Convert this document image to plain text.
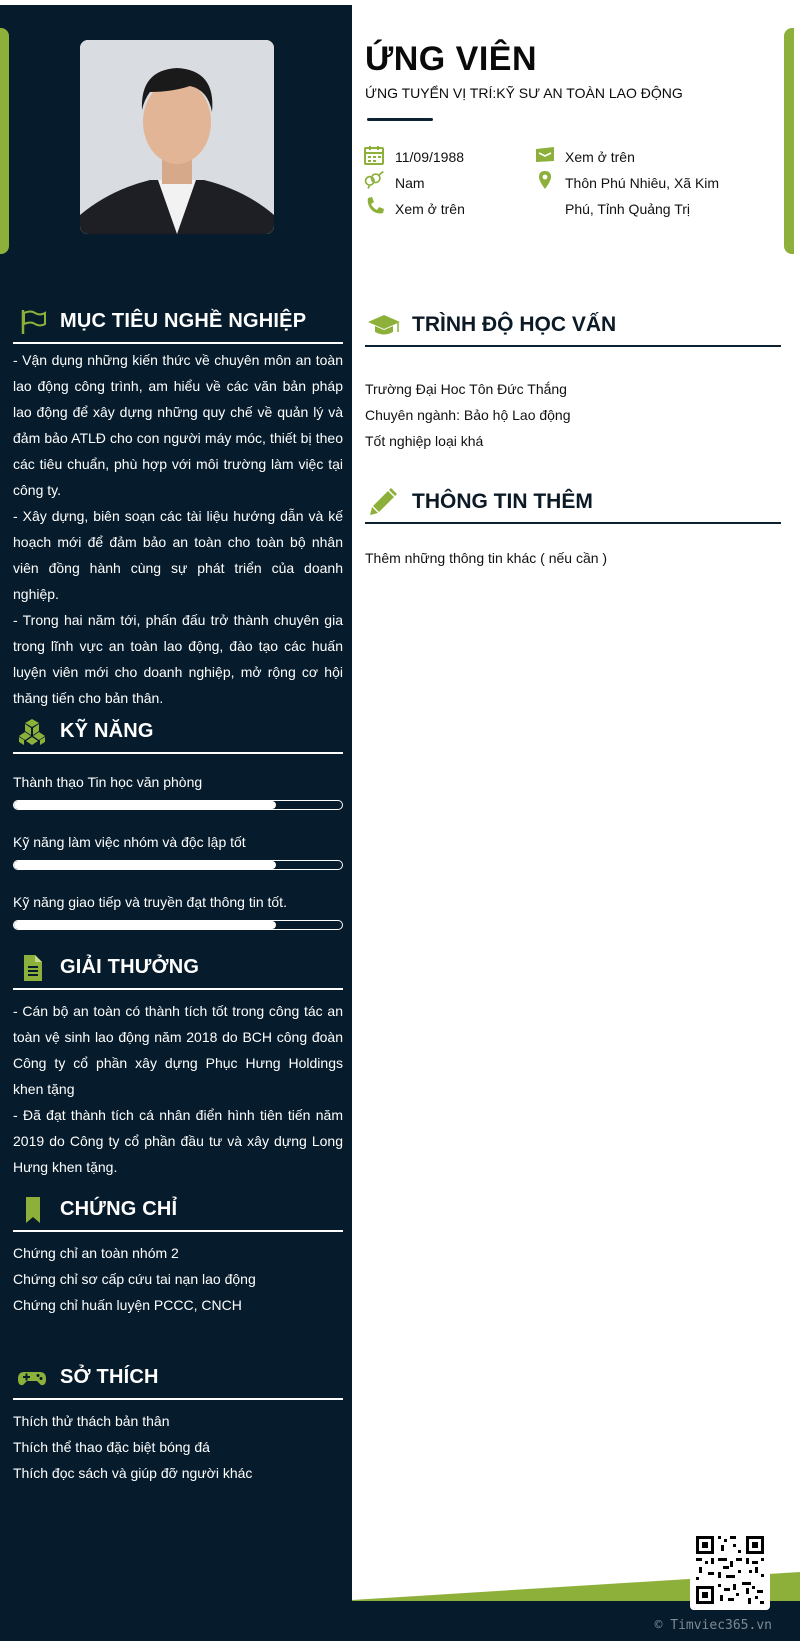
ỨNG VIÊN
ỨNG TUYỂN VỊ TRÍ:KỸ SƯ AN TOÀN LAO ĐỘNG
11/09/1988
Nam
Xem ở trên
Xem ở trên
Thôn Phú Nhiêu, Xã Kim
Phú, Tỉnh Quảng Trị
MỤC TIÊU NGHỀ NGHIỆP

- Vận dụng những kiến thức về chuyên môn an toàn lao động công trình, am hiểu về các văn bản pháp lao động để xây dựng những quy chế về quản lý và đảm bảo ATLĐ cho con người máy móc, thiết bị theo các tiêu chuẩn, phù hợp với môi trường làm việc tại công ty.

- Xây dựng, biên soạn các tài liệu hướng dẫn và kế hoạch mới để đảm bảo an toàn cho toàn bộ nhân viên đồng hành cùng sự phát triển của doanh nghiệp.

- Trong hai năm tới, phấn đấu trở thành chuyên gia trong lĩnh vực an toàn lao động, đào tạo các huấn luyện viên mới cho doanh nghiệp, mở rộng cơ hội thăng tiến cho bản thân.

KỸ NĂNG
Thành thạo Tin học văn phòng
Kỹ năng làm việc nhóm và độc lập tốt
Kỹ năng giao tiếp và truyền đạt thông tin tốt.
GIẢI THƯỞNG

- Cán bộ an toàn có thành tích tốt trong công tác an toàn vệ sinh lao động năm 2018 do BCH công đoàn Công ty cổ phần xây dựng Phục Hưng Holdings khen tặng

- Đã đạt thành tích cá nhân điển hình tiên tiến năm 2019 do Công ty cổ phần đầu tư và xây dựng Long Hưng khen tặng.

CHỨNG CHỈ
Chứng chỉ an toàn nhóm 2
Chứng chỉ sơ cấp cứu tai nạn lao động
Chứng chỉ huấn luyện PCCC, CNCH
SỞ THÍCH
Thích thử thách bản thân
Thích thể thao đặc biệt bóng đá
Thích đọc sách và giúp đỡ người khác
TRÌNH ĐỘ HỌC VẤN
Trường Đại Hoc Tôn Đức Thắng
Chuyên ngành: Bảo hộ Lao động
Tốt nghiệp loại khá
THÔNG TIN THÊM
Thêm những thông tin khác ( nếu cần )
© Timviec365.vn
